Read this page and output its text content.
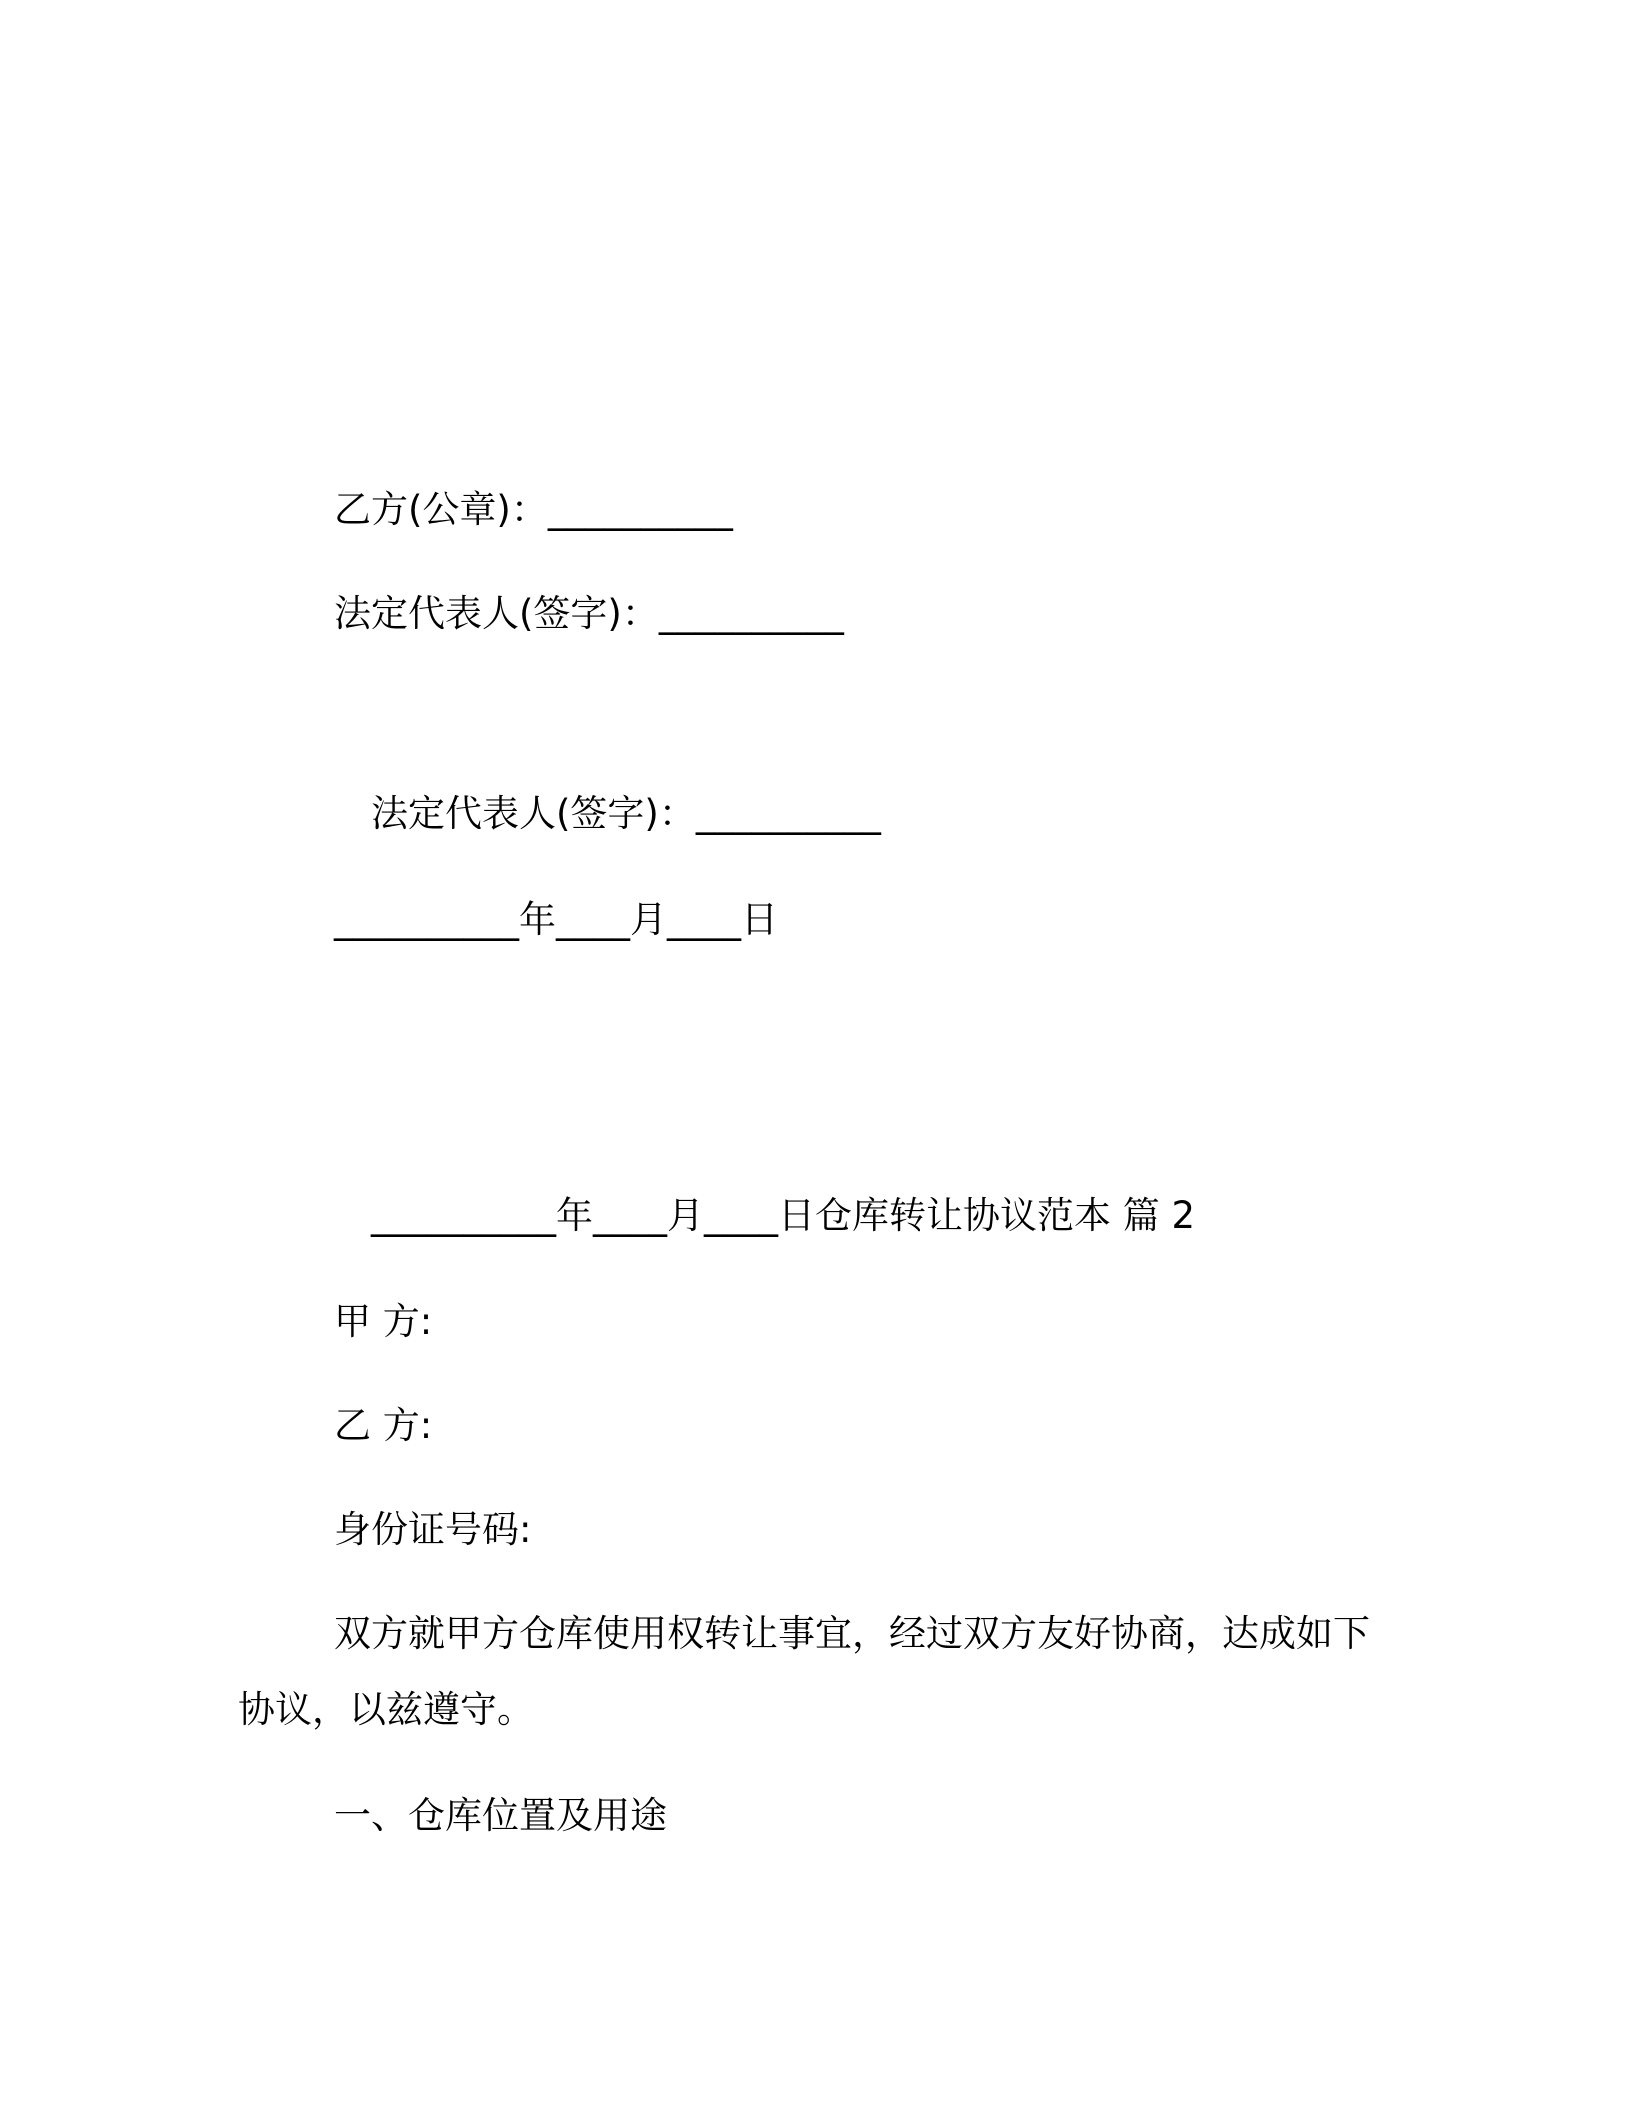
乙方(公章)：__________
法定代表人(签字)：__________
法定代表人(签字)：__________
__________年____月____日
__________年____月____日仓库转让协议范本 篇 2
甲 方:
乙 方:
身份证号码:
双方就甲方仓库使用权转让事宜，经过双方友好协商，达成如下
协议，以兹遵守。
一、仓库位置及用途
